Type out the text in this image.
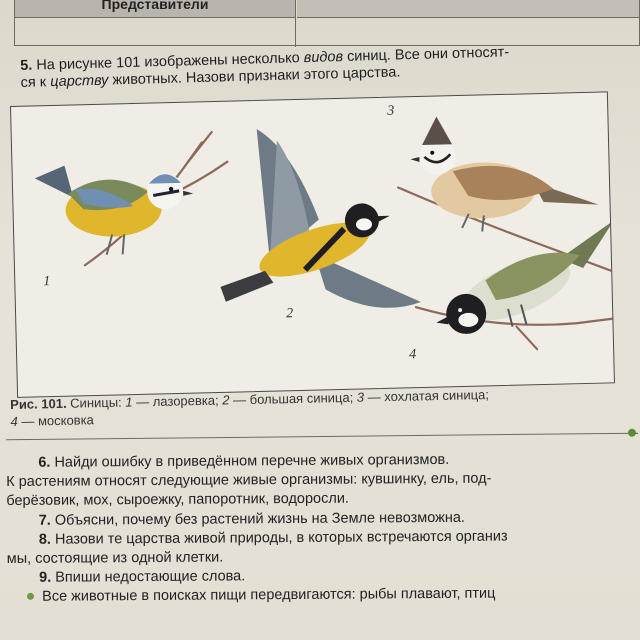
Представители
5. На рисунке 101 изображены несколько видов синиц. Все они относят-
ся к царству животных. Назови признаки этого царства.
1
2
3
4
Рис. 101. Синицы: 1 — лазоревка; 2 — большая синица; 3 — хохлатая синица;
4 — московка

6. Найди ошибку в приведённом перечне живых организмов.

К растениям относят следующие живые организмы: кувшинку, ель, под-

берёзовик, мох, сыроежку, папоротник, водоросли.

7. Объясни, почему без растений жизнь на Земле невозможна.

8. Назови те царства живой природы, в которых встречаются организ

мы, состоящие из одной клетки.

9. Впиши недостающие слова.

Все животные в поисках пищи передвигаются: рыбы плавают, птиц
